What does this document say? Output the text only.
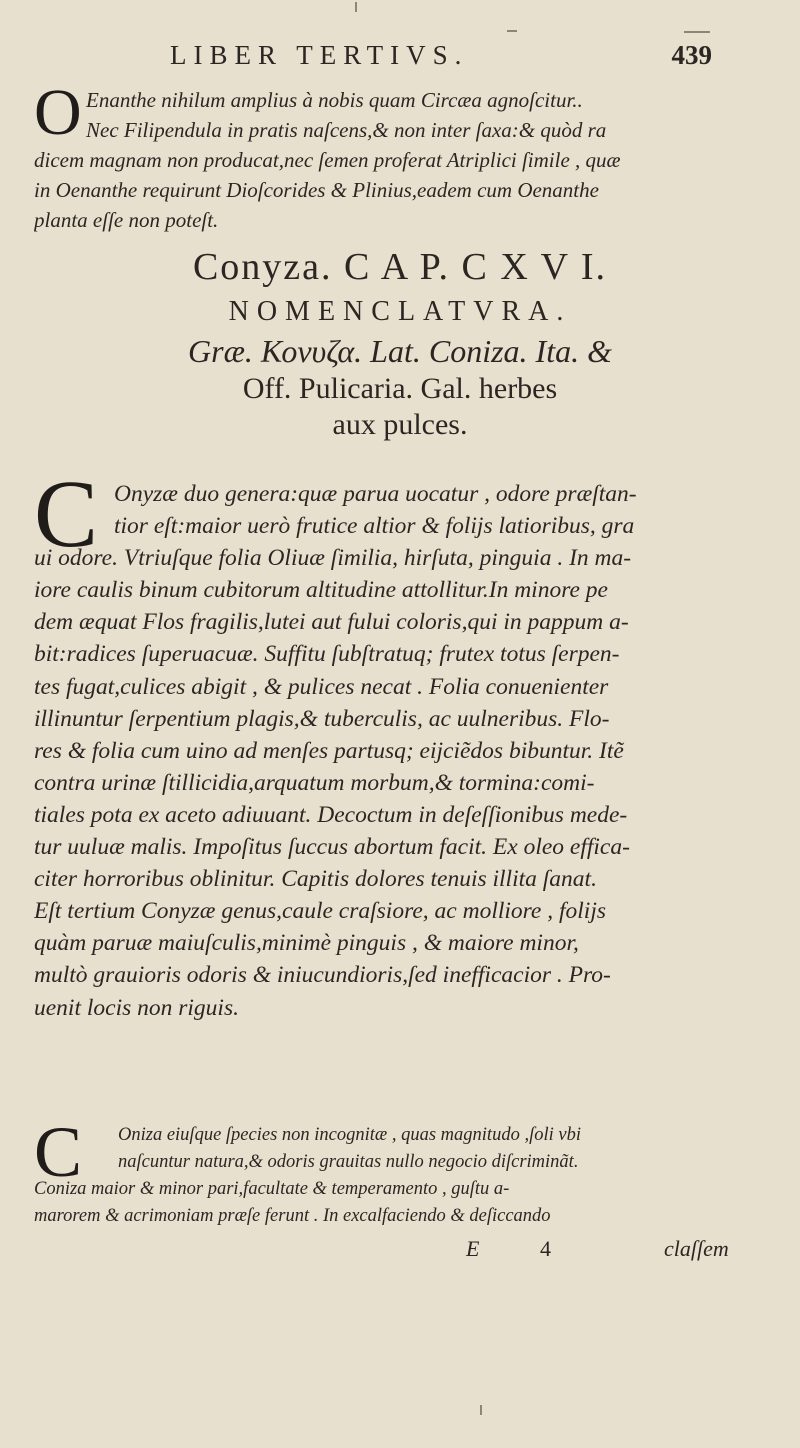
LIBER TERTIVS.	439
O Enanthe nihilum amplius à nobis quam Circæa agnoſcitur..
Nec Filipendula in pratis naſcens,& non inter ſaxa:& quòd ra
dicem magnam non producat,nec ſemen proferat Atriplici ſimile , quæ
in Oenanthe requirunt Dioſcorides & Plinius,eadem cum Oenanthe
planta eſſe non poteſt.
Conyza. C A P. C X V I.
NOMENCLATVRA.
Græ. Κονυζα. Lat. Coniza. Ita. &
Off. Pulicaria. Gal. herbes
aux pulces.
C Onyzæ duo genera:quæ parua uocatur , odore præſtan-
tior eſt:maior uerò frutice altior & folijs latioribus, gra
ui odore. Vtriuſque folia Oliuæ ſimilia, hirſuta, pinguia . In ma-
iore caulis binum cubitorum altitudine attollitur.In minore pe
dem æquat Flos fragilis,lutei aut fului coloris,qui in pappum a-
bit:radices ſuperuacuæ. Suffitu ſubſtratuq; frutex totus ſerpen-
tes fugat,culices abigit , & pulices necat . Folia conuenienter
illinuntur ſerpentium plagis,& tuberculis, ac uulneribus. Flo-
res & folia cum uino ad menſes partusq; eijciẽdos bibuntur. Itẽ
contra urinæ ſtillicidia,arquatum morbum,& tormina:comi-
tiales pota ex aceto adiuuant. Decoctum in deſeſſionibus mede-
tur uuluæ malis. Impoſitus ſuccus abortum facit. Ex oleo effica-
citer horroribus oblinitur. Capitis dolores tenuis illita ſanat.
Eſt tertium Conyzæ genus,caule craſsiore, ac molliore , folijs
quàm paruæ maiuſculis,minimè pinguis , & maiore minor,
multò grauioris odoris & iniucundioris,ſed inefficacior . Pro-
uenit locis non riguis.
C	Oniza eiuſque ſpecies non incognitæ , quas magnitudo ,ſoli vbi
naſcuntur natura,& odoris grauitas nullo negocio diſcriminãt.
Coniza maior & minor pari,facultate & temperamento , guſtu a-
marorem & acrimoniam præſe ferunt . In excalfaciendo & deſiccando
E	4	claſſem
